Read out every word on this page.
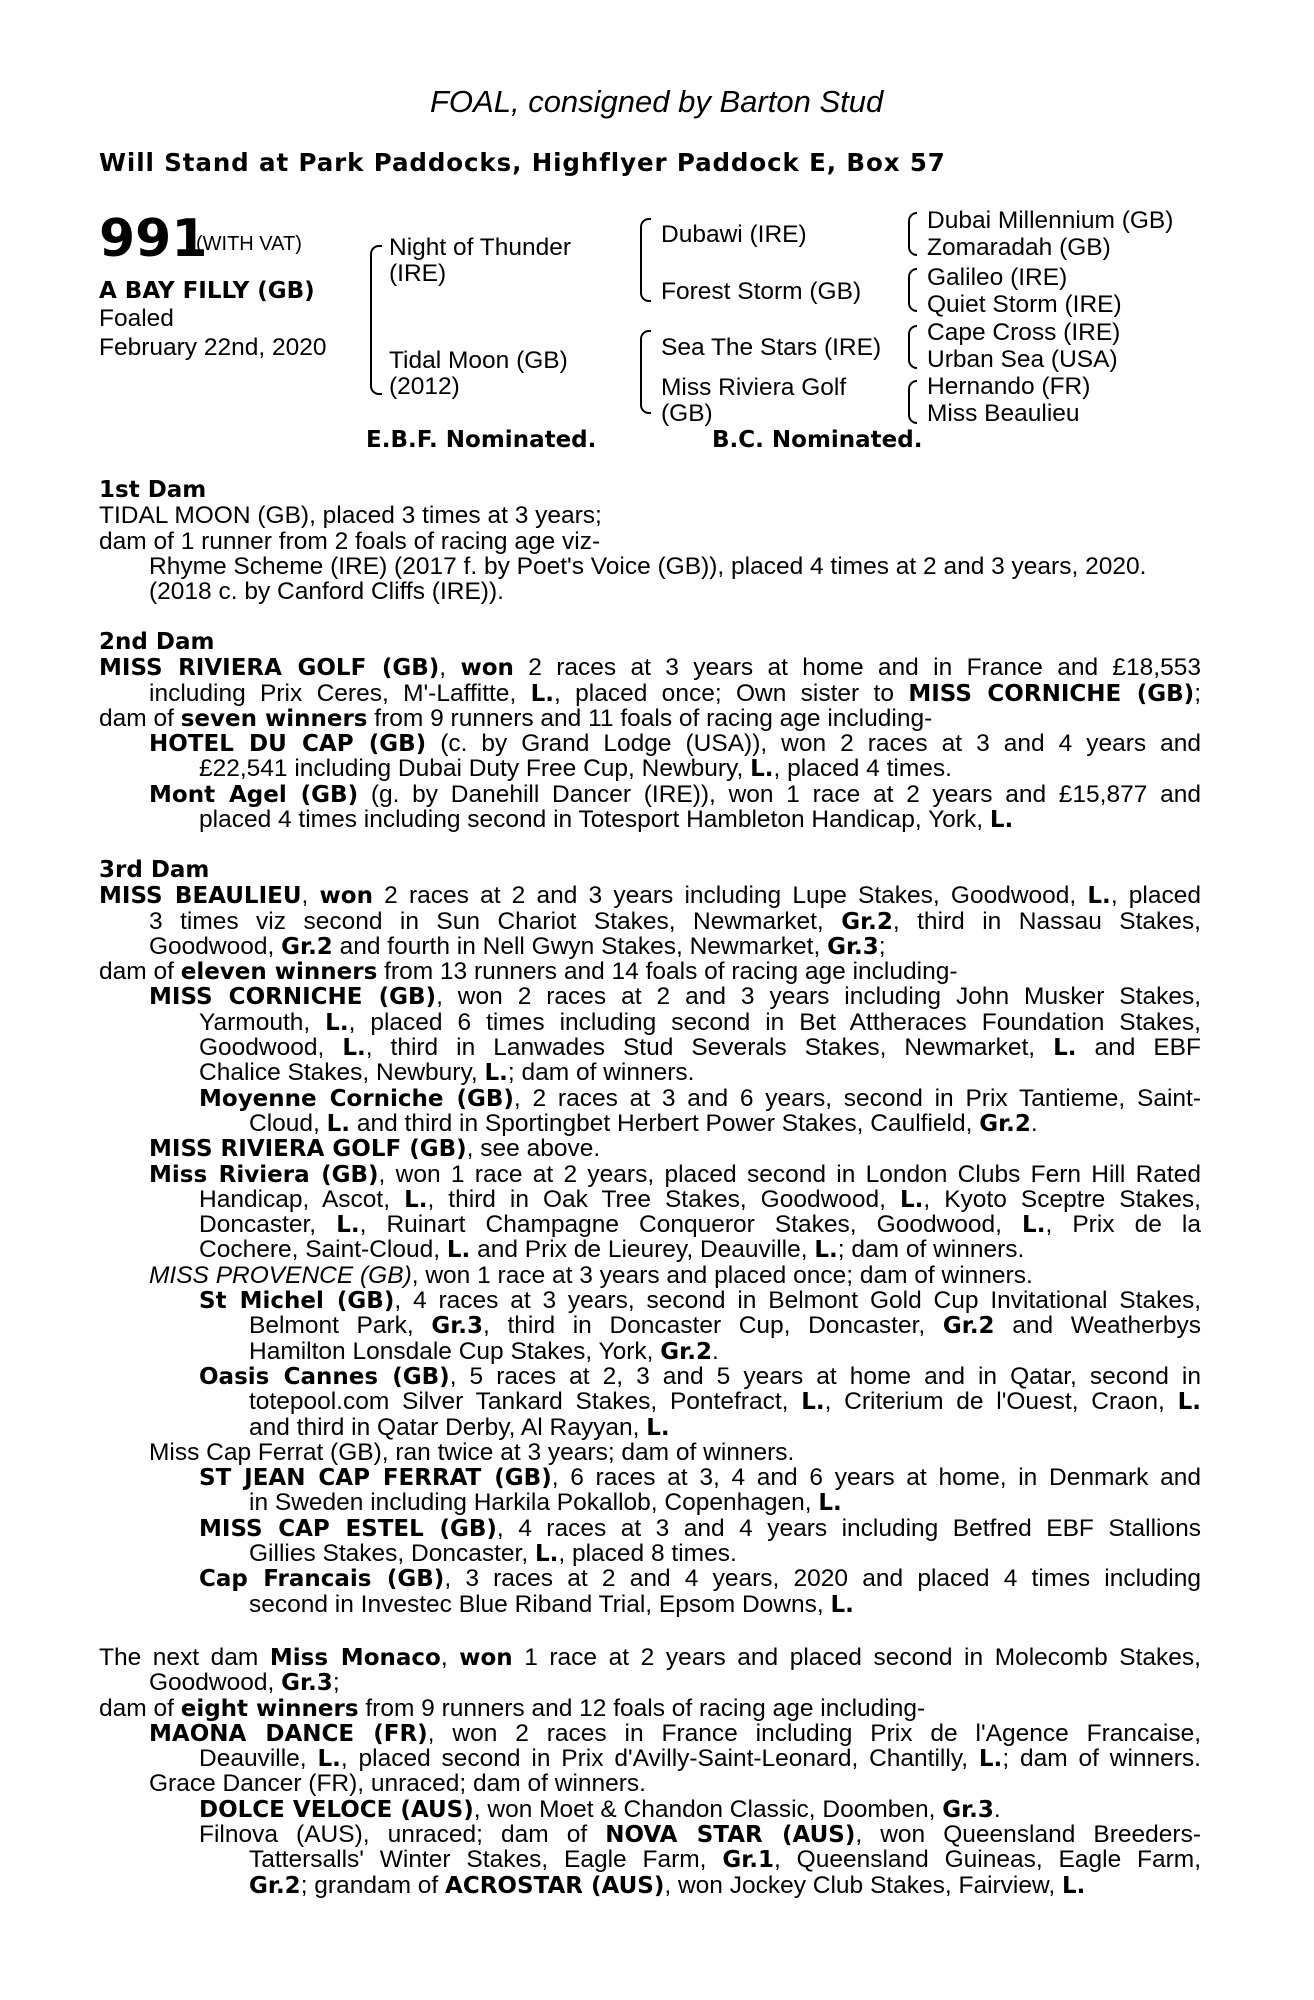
FOAL, consigned by Barton Stud
Will Stand at Park Paddocks, Highflyer Paddock E, Box 57
991
(WITH VAT)
A BAY FILLY (GB)
Foaled
February 22nd, 2020
Night of Thunder
(IRE)
Tidal Moon (GB)
(2012)
Dubawi (IRE)
Forest Storm (GB)
Sea The Stars (IRE)
Miss Riviera Golf
(GB)
Dubai Millennium (GB)
Zomaradah (GB)
Galileo (IRE)
Quiet Storm (IRE)
Cape Cross (IRE)
Urban Sea (USA)
Hernando (FR)
Miss Beaulieu
E.B.F. Nominated.	B.C. Nominated.
1st Dam
TIDAL MOON (GB), placed 3 times at 3 years;
dam of 1 runner from 2 foals of racing age viz-
Rhyme Scheme (IRE) (2017 f. by Poet's Voice (GB)), placed 4 times at 2 and 3 years, 2020.
(2018 c. by Canford Cliffs (IRE)).
2nd Dam
MISS RIVIERA GOLF (GB), won 2 races at 3 years at home and in France and £18,553
including Prix Ceres, M'-Laffitte, L., placed once; Own sister to MISS CORNICHE (GB);
dam of seven winners from 9 runners and 11 foals of racing age including-
HOTEL DU CAP (GB) (c. by Grand Lodge (USA)), won 2 races at 3 and 4 years and
£22,541 including Dubai Duty Free Cup, Newbury, L., placed 4 times.
Mont Agel (GB) (g. by Danehill Dancer (IRE)), won 1 race at 2 years and £15,877 and
placed 4 times including second in Totesport Hambleton Handicap, York, L.
3rd Dam
MISS BEAULIEU, won 2 races at 2 and 3 years including Lupe Stakes, Goodwood, L., placed
3 times viz second in Sun Chariot Stakes, Newmarket, Gr.2, third in Nassau Stakes,
Goodwood, Gr.2 and fourth in Nell Gwyn Stakes, Newmarket, Gr.3;
dam of eleven winners from 13 runners and 14 foals of racing age including-
MISS CORNICHE (GB), won 2 races at 2 and 3 years including John Musker Stakes,
Yarmouth, L., placed 6 times including second in Bet Attheraces Foundation Stakes,
Goodwood, L., third in Lanwades Stud Severals Stakes, Newmarket, L. and EBF
Chalice Stakes, Newbury, L.; dam of winners.
Moyenne Corniche (GB), 2 races at 3 and 6 years, second in Prix Tantieme, Saint-
Cloud, L. and third in Sportingbet Herbert Power Stakes, Caulfield, Gr.2.
MISS RIVIERA GOLF (GB), see above.
Miss Riviera (GB), won 1 race at 2 years, placed second in London Clubs Fern Hill Rated
Handicap, Ascot, L., third in Oak Tree Stakes, Goodwood, L., Kyoto Sceptre Stakes,
Doncaster, L., Ruinart Champagne Conqueror Stakes, Goodwood, L., Prix de la
Cochere, Saint-Cloud, L. and Prix de Lieurey, Deauville, L.; dam of winners.
MISS PROVENCE (GB), won 1 race at 3 years and placed once; dam of winners.
St Michel (GB), 4 races at 3 years, second in Belmont Gold Cup Invitational Stakes,
Belmont Park, Gr.3, third in Doncaster Cup, Doncaster, Gr.2 and Weatherbys
Hamilton Lonsdale Cup Stakes, York, Gr.2.
Oasis Cannes (GB), 5 races at 2, 3 and 5 years at home and in Qatar, second in
totepool.com Silver Tankard Stakes, Pontefract, L., Criterium de l'Ouest, Craon, L.
and third in Qatar Derby, Al Rayyan, L.
Miss Cap Ferrat (GB), ran twice at 3 years; dam of winners.
ST JEAN CAP FERRAT (GB), 6 races at 3, 4 and 6 years at home, in Denmark and
in Sweden including Harkila Pokallob, Copenhagen, L.
MISS CAP ESTEL (GB), 4 races at 3 and 4 years including Betfred EBF Stallions
Gillies Stakes, Doncaster, L., placed 8 times.
Cap Francais (GB), 3 races at 2 and 4 years, 2020 and placed 4 times including
second in Investec Blue Riband Trial, Epsom Downs, L.
The next dam Miss Monaco, won 1 race at 2 years and placed second in Molecomb Stakes,
Goodwood, Gr.3;
dam of eight winners from 9 runners and 12 foals of racing age including-
MAONA DANCE (FR), won 2 races in France including Prix de l'Agence Francaise,
Deauville, L., placed second in Prix d'Avilly-Saint-Leonard, Chantilly, L.; dam of winners.
Grace Dancer (FR), unraced; dam of winners.
DOLCE VELOCE (AUS), won Moet & Chandon Classic, Doomben, Gr.3.
Filnova (AUS), unraced; dam of NOVA STAR (AUS), won Queensland Breeders-
Tattersalls' Winter Stakes, Eagle Farm, Gr.1, Queensland Guineas, Eagle Farm,
Gr.2; grandam of ACROSTAR (AUS), won Jockey Club Stakes, Fairview, L.
